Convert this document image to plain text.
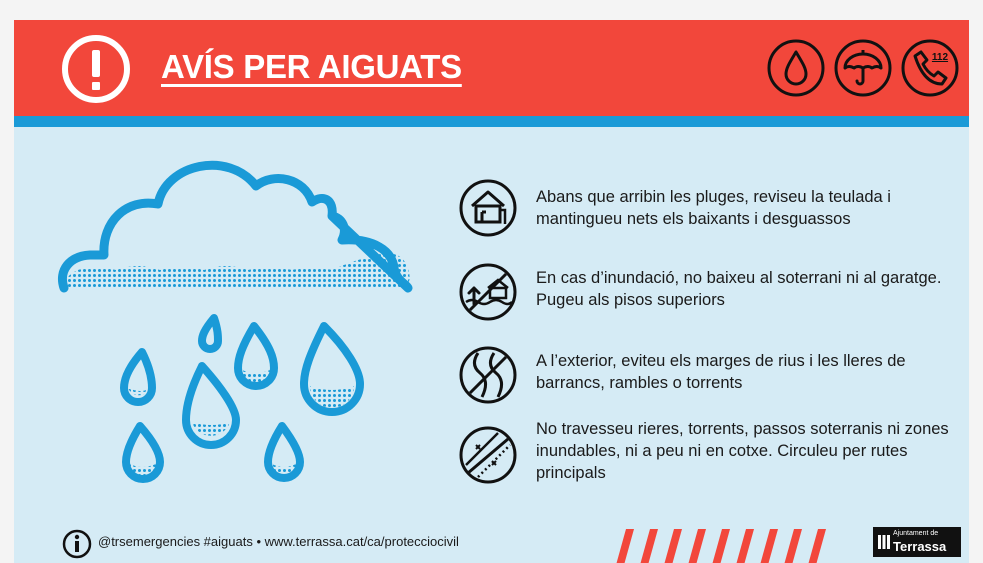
AVÍS PER AIGUATS	112
Abans que arribin les pluges, reviseu la teulada i mantingueu nets els baixants i desguassos
En cas d’inundació, no baixeu al soterrani ni al garatge. Pugeu als pisos superiors
A l’exterior, eviteu els marges de rius i les lleres de barrancs, rambles o torrents
No travesseu rieres, torrents, passos soterranis ni zones inundables, ni a peu ni en cotxe. Circuleu per rutes principals
@trsemergencies #aiguats • www.terrassa.cat/ca/protecciocivil
Ajuntament de
Terrassa
